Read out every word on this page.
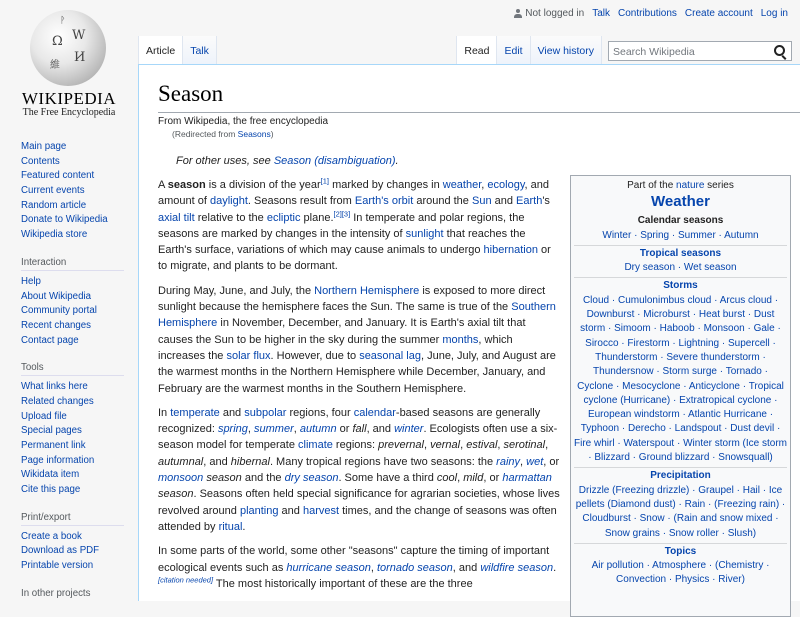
Ω W
И
維
ᚹ
WIKIPEDIA
The Free Encyclopedia
Not logged in Talk Contributions Create account Log in
Article	Talk	Read	Edit	View history
Search Wikipedia
Main page
Contents
Featured content
Current events
Random article
Donate to Wikipedia
Wikipedia store
Interaction
Help
About Wikipedia
Community portal
Recent changes
Contact page
Tools
What links here
Related changes
Upload file
Special pages
Permanent link
Page information
Wikidata item
Cite this page
Print/export
Create a book
Download as PDF
Printable version
In other projects
Season
From Wikipedia, the free encyclopedia
(Redirected from Seasons)
For other uses, see Season (disambiguation).

A season is a division of the year[1] marked by changes in weather, ecology, and amount of daylight. Seasons result from Earth's orbit around the Sun and Earth's axial tilt relative to the ecliptic plane.[2][3] In temperate and polar regions, the seasons are marked by changes in the intensity of sunlight that reaches the Earth's surface, variations of which may cause animals to undergo hibernation or to migrate, and plants to be dormant.

During May, June, and July, the Northern Hemisphere is exposed to more direct sunlight because the hemisphere faces the Sun. The same is true of the Southern Hemisphere in November, December, and January. It is Earth's axial tilt that causes the Sun to be higher in the sky during the summer months, which increases the solar flux. However, due to seasonal lag, June, July, and August are the warmest months in the Northern Hemisphere while December, January, and February are the warmest months in the Southern Hemisphere.

In temperate and subpolar regions, four calendar-based seasons are generally recognized: spring, summer, autumn or fall, and winter. Ecologists often use a six-season model for temperate climate regions: prevernal, vernal, estival, serotinal, autumnal, and hibernal. Many tropical regions have two seasons: the rainy, wet, or monsoon season and the dry season. Some have a third cool, mild, or harmattan season. Seasons often held special significance for agrarian societies, whose lives revolved around planting and harvest times, and the change of seasons was often attended by ritual.

In some parts of the world, some other "seasons" capture the timing of important ecological events such as hurricane season, tornado season, and wildfire season.[citation needed] The most historically important of these are the three

Part of the nature series
Weather
Calendar seasons
Winter · Spring · Summer · Autumn
Tropical seasons
Dry season · Wet season
Storms
Cloud · Cumulonimbus cloud · Arcus cloud · Downburst · Microburst · Heat burst · Dust storm · Simoom · Haboob · Monsoon · Gale · Sirocco · Firestorm · Lightning · Supercell · Thunderstorm · Severe thunderstorm · Thundersnow · Storm surge · Tornado · Cyclone · Mesocyclone · Anticyclone · Tropical cyclone (Hurricane) · Extratropical cyclone · European windstorm · Atlantic Hurricane · Typhoon · Derecho · Landspout · Dust devil · Fire whirl · Waterspout · Winter storm (Ice storm · Blizzard · Ground blizzard · Snowsquall)
Precipitation
Drizzle (Freezing drizzle) · Graupel · Hail · Ice pellets (Diamond dust) · Rain · (Freezing rain) · Cloudburst · Snow · (Rain and snow mixed · Snow grains · Snow roller · Slush)
Topics
Air pollution · Atmosphere · (Chemistry · Convection · Physics · River)
